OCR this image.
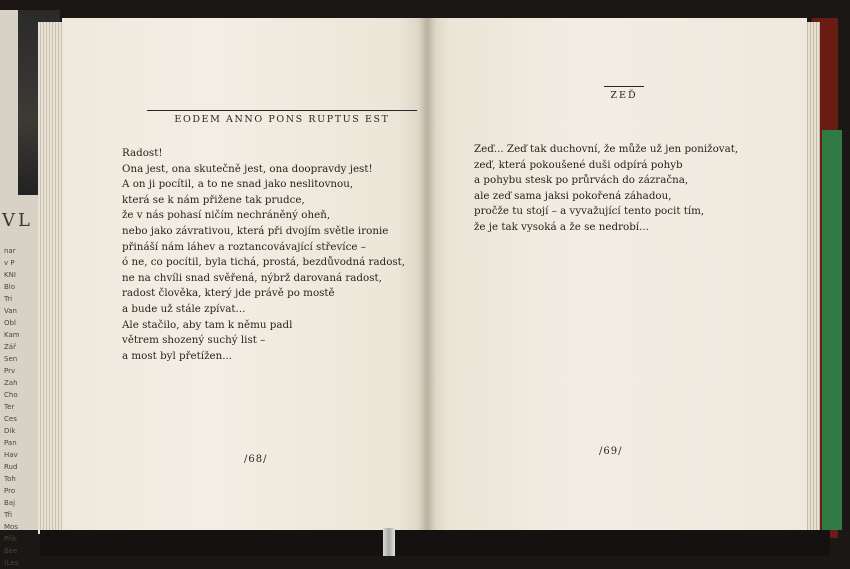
VL
nar
v P
KNI
Blo
Tri
Van
Obl
Kam
Zář
Sen
Prv
Zah
Cho
Ter
Ces
Dik
Pan
Hav
Rud
Toh
Pro
Baj
Tři
Mos
Přík
Bee
(Les
EODEM ANNO PONS RUPTUS EST
Radost!
Ona jest, ona skutečně jest, ona doopravdy jest!
A on ji pocítil, a to ne snad jako neslitovnou,
která se k nám přižene tak prudce,
že v nás pohasí ničím nechráněný oheň,
nebo jako závrativou, která při dvojím světle ironie
přináší nám láhev a roztancovávající střevíce –
ó ne, co pocítil, byla tichá, prostá, bezdůvodná radost,
ne na chvíli snad svěřená, nýbrž darovaná radost,
radost člověka, který jde právě po mostě
a bude už stále zpívat...
Ale stačilo, aby tam k němu padl
větrem shozený suchý list –
a most byl přetížen...
/68/
ZEĎ
Zeď... Zeď tak duchovní, že může už jen ponižovat,
zeď, která pokoušené duši odpírá pohyb
a pohybu stesk po průrvách do zázračna,
ale zeď sama jaksi pokořená záhadou,
pročže tu stojí – a vyvažující tento pocit tím,
že je tak vysoká a že se nedrobí...
/69/
